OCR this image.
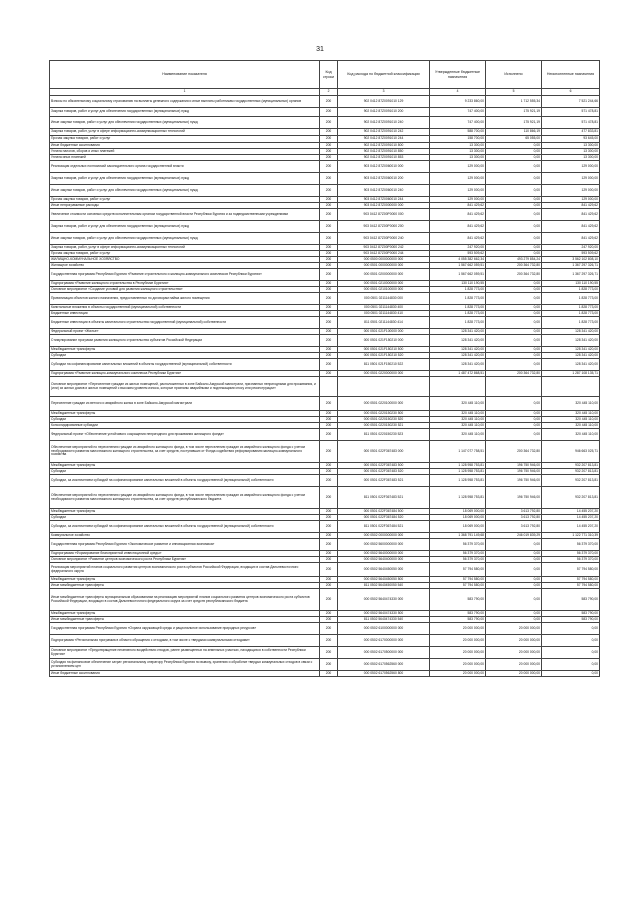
31
Наименование показателя	Код строки	Код расхода по бюджетной классификации	Утвержденные бюджетные назначения	Исполнено	Неисполненные назначения
1	2	3	4	5	6
Взносы по обязательному социальному страхованию на выплаты денежного содержания и иные выплаты работникам государственных (муниципальных) органов	200	902 0412 87Z0091010 129	9 233 860,00	1 712 555,34	7 521 244,66
Закупка товаров, работ и услуг для обеспечения государственных (муниципальных) нужд	200	902 0412 87Z0091010 200	747 400,00	175 921,19	571 478,81
Иные закупки товаров, работ и услуг для обеспечения государственных (муниципальных) нужд	200	902 0412 87Z0091010 240	747 400,00	175 921,19	571 478,81
Закупка товаров, работ, услуг в сфере информационно-коммуникационных технологий	200	902 0412 87Z0091010 242	588 700,00	110 866,19	477 833,81
Прочая закупка товаров, работ и услуг	200	902 0412 87Z0091010 244	158 700,00	65 055,00	93 645,00
Иные бюджетные ассигнования	200	902 0412 87Z0091010 800	13 300,00	0,00	13 300,00
Уплата налогов, сборов и иных платежей	200	902 0412 87Z0091010 850	13 300,00	0,00	13 300,00
Уплата иных платежей	200	902 0412 87Z0091010 853	13 300,00	0,00	13 300,00
Реализация отдельных полномочий законодательного органа государственной власти	200	903 0412 87Z0060010 000	129 000,00	0,00	129 000,00
Закупка товаров, работ и услуг для обеспечения государственных (муниципальных) нужд	200	903 0412 87Z0060010 200	129 000,00	0,00	129 000,00
Иные закупки товаров, работ и услуг для обеспечения государственных (муниципальных) нужд	200	903 0412 87Z0060010 240	129 000,00	0,00	129 000,00
Прочая закупка товаров, работ и услуг	200	903 0412 87Z0060010 244	129 000,00	0,00	129 000,00
Иные непрограммные расходы	200	903 0412 87Z0000000 000	841 429,62	0,00	841 429,62
Увеличение стоимости основных средств исполнительным органом государственной власти Республики Бурятия и за подведомственными учреждениями	200	903 0412 87Z00P0000 000	841 429,62	0,00	841 429,62
Закупка товаров, работ и услуг для обеспечения государственных (муниципальных) нужд	200	903 0412 87Z00P0000 200	841 429,62	0,00	841 429,62
Иные закупки товаров, работ и услуг для обеспечения государственных (муниципальных) нужд	200	903 0412 87Z00P0000 240	841 429,62	0,00	841 429,62
Закупка товаров, работ, услуг в сфере информационно-коммуникационных технологий	200	903 0412 87Z00P0000 242	247 920,00	0,00	247 920,00
Прочая закупка товаров, работ и услуг	200	903 0412 87Z00P0000 244	593 509,62	0,00	593 509,62
ЖИЛИЩНО-КОММУНАЛЬНОЕ ХОЗЯЙСТВО	200	000 0500 0000000000 000	4 055 382 662,34	493 279 854,24	3 562 102 808,10
Жилищное хозяйство	200	000 0501 0000000000 000	1 567 662 059,51	200 364 732,80	1 367 297 326,71
Государственная программа Республики Бурятия «Развитие строительного и жилищно-коммунального комплексов Республики Бурятия»	200	000 0501 0200000000 000	1 567 662 059,51	200 364 732,80	1 367 297 326,71
Подпрограмма «Развитие жилищного строительства в Республике Бурятия»	200	000 0501 0210000000 000	130 110 190,55	0,00	130 110 190,55
Основное мероприятие «Создание условий для развития жилищного строительства»	200	000 0501 0210100000 000	1 828 773,00	0,00	1 828 773,00
Приватизация объектов жилого назначения, предоставленных по договорам найма жилого помещения	200	000 0501 0211144830 000	1 828 773,00	0,00	1 828 773,00
Капитальные вложения в объекты государственной (муниципальной) собственности	200	000 0501 0211144830 400	1 828 773,00	0,00	1 828 773,00
Бюджетные инвестиции	200	000 0501 0211144830 410	1 828 773,00	0,00	1 828 773,00
Бюджетные инвестиции в объекты капитального строительства государственной (муниципальной) собственности	200	811 0501 0211144830 414	1 828 773,00	0,00	1 828 773,00
Федеральный проект «Жилье»	200	000 0501 021F100000 000	128 341 420,00	0,00	128 341 420,00
Стимулирование программ развития жилищного строительства субъектов Российской Федерации	200	000 0501 021F150210 000	128 341 420,00	0,00	128 341 420,00
Межбюджетные трансферты	200	000 0501 021F150210 500	128 341 420,00	0,00	128 341 420,00
Субсидии	200	000 0501 021F150210 520	128 341 420,00	0,00	128 341 420,00
Субсидии на софинансирование капитальных вложений в объекты государственной (муниципальной) собственности	200	811 0501 021F150210 522	128 341 420,00	0,00	128 341 420,00
Подпрограмма «Развитие жилищно-коммунального комплекса Республики Бурятия»	200	000 0501 0220000000 000	1 487 472 868,51	200 364 732,80	1 287 108 135,71
Основное мероприятие «Переселение граждан из жилых помещений, расположенных в зоне Байкало-Амурской магистрали, признанных непригодными для проживания, и (или) из жилых домов и жилых помещений с высоким уровнем износа, которые признаны аварийными и подлежащими сносу или реконструкции»					
Переселение граждан из ветхого и аварийного жилья в зоне Байкало-Амурской магистрали	200	000 0501 0220100000 000	320 445 110,00	0,00	320 445 110,00
Межбюджетные трансферты	200	000 0501 0220150230 500	320 445 110,00	0,00	320 445 110,00
Субсидии	200	000 0501 0220150230 520	320 445 110,00	0,00	320 445 110,00
Консолидированные субсидии	200	000 0501 0220150230 521	320 445 110,00	0,00	320 445 110,00
Федеральный проект «Обеспечение устойчивого сокращения непригодного для проживания жилищного фонда»	200	811 0501 0220150230 523	320 445 110,00	0,00	320 445 110,00
Обеспечение мероприятий по переселению граждан из аварийного жилищного фонда, в том числе переселению граждан из аварийного жилищного фонда с учетом необходимости развития малоэтажного жилищного строительства, за счет средств, поступивших от Фонда содействия реформированию жилищно-коммунального хозяйства	200	000 0501 022F367483 000	1 147 077 758,51	200 364 732,80	946 663 025,71
Межбюджетные трансферты	200	000 0501 022F367483 500	1 128 958 753,81	196 750 946,00	932 207 813,81
Субсидии	200	000 0501 022F367483 520	1 128 958 753,81	196 750 946,00	932 207 813,81
Субсидии, за исключением субсидий на софинансирование капитальных вложений в объекты государственной (муниципальной) собственности	200	000 0501 022F367483 521	1 128 958 753,81	196 750 946,00	932 207 813,81
Обеспечение мероприятий по переселению граждан из аварийного жилищного фонда, в том числе переселению граждан из аварийного жилищного фонда с учетом необходимости развития малоэтажного жилищного строительства, за счет средств республиканского бюджета	200	811 0501 022F367483 521	1 128 958 753,81	196 750 946,00	932 207 813,81
Межбюджетные трансферты	200	000 0501 022F367484 500	18 069 000,00	3 613 792,80	14 455 207,20
Субсидии	200	000 0501 022F367484 520	18 069 000,00	3 613 792,80	14 455 207,20
Субсидии, за исключением субсидий на софинансирование капитальных вложений в объекты государственной (муниципальной) собственности	200	811 0501 022F367484 521	18 069 000,00	3 613 792,80	14 455 207,20
Коммунальное хозяйство	200	000 0502 0000000000 000	1 368 791 149,68	246 019 839,29	1 122 771 310,39
Государственная программа Республики Бурятия «Экономическое развитие и инновационная экономика»	200	000 0502 5600000000 000	56 379 370,00	0,00	56 379 370,00
Подпрограмма «Формирование благоприятной инвестиционной среды»	200	000 0502 5640000000 000	56 379 370,00	0,00	56 379 370,00
Основное мероприятие «Развитие центров экономического роста Республики Бурятия»	200	000 0502 5640400000 000	56 379 370,00	0,00	56 379 370,00
Реализация мероприятий планов социального развития центров экономического роста субъектов Российской Федерации, входящих в состав Дальневосточного федерального округа	200	000 0502 5640450050 000	57 794 580,00	0,00	57 794 580,00
Межбюджетные трансферты	200	000 0502 5640450050 500	57 794 580,00	0,00	57 794 580,00
Иные межбюджетные трансферты	200	811 0502 5640450050 540	57 794 580,00	0,00	57 794 580,00
Иные межбюджетные трансферты муниципальным образованиям на реализацию мероприятий планов социального развития центров экономического роста субъектов Российской Федерации, входящих в состав Дальневосточного федерального округа за счет средств республиканского бюджета	200	000 0502 5640474330 000	583 790,00	0,00	583 790,00
Межбюджетные трансферты	200	000 0502 5640474330 500	583 790,00	0,00	583 790,00
Иные межбюджетные трансферты	200	811 0502 5640474330 540	583 790,00	0,00	583 790,00
Государственная программа Республики Бурятия «Охрана окружающей среды и рациональное использование природных ресурсов»	200	000 0502 6100000000 000	20 000 000,00	20 000 000,00	0,00
Подпрограмма «Региональная программа в области обращения с отходами, в том числе с твердыми коммунальными отходами»	200	000 0502 6170000000 000	20 000 000,00	20 000 000,00	0,00
Основное мероприятие «Предотвращение негативного воздействия отходов, ранее размещенных на земельных участках, находящихся в собственности Республики Бурятия»	200	000 0502 6170500000 000	20 000 000,00	20 000 000,00	0,00
Субсидия на финансовое обеспечение затрат региональному оператору Республики Бурятия по вывозу, хранению и обработке твердых коммунальных отходов в связи с установлением цен	200	000 0502 6170562560 000	20 000 000,00	20 000 000,00	0,00
Иные бюджетные ассигнования	200	000 0502 6170562560 800	20 000 000,00	20 000 000,00	0,00
